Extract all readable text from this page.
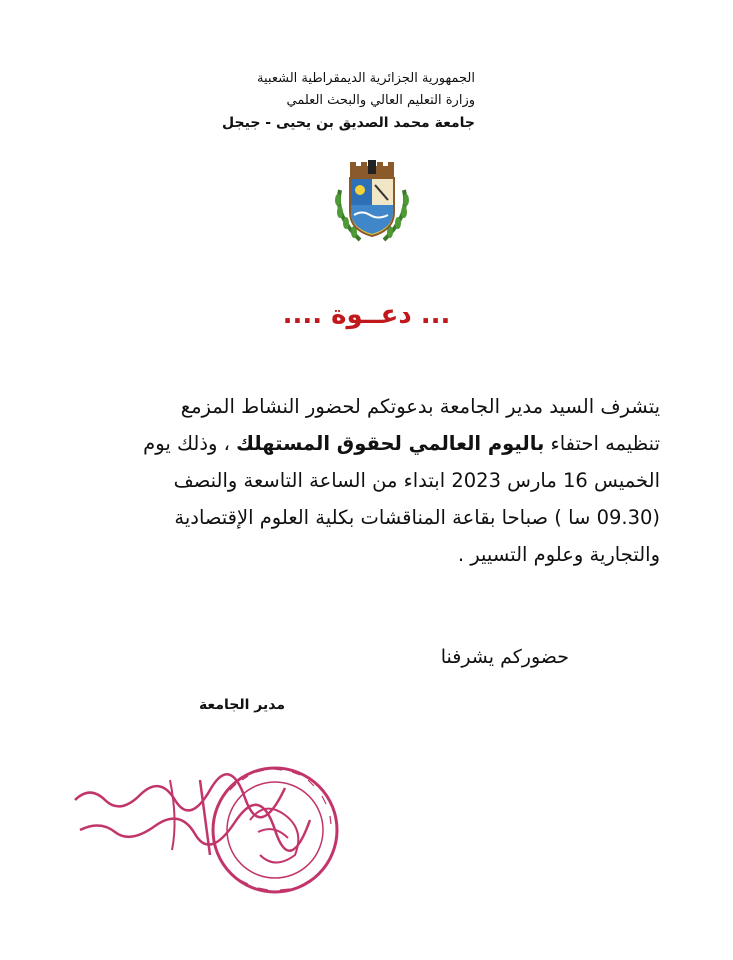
الجمهورية الجزائرية الديمقراطية الشعبية
وزارة التعليم العالي والبحث العلمي
جامعة محمد الصديق بن يحيى - جيجل
... دعــوة ....
يتشرف السيد مدير الجامعة بدعوتكم لحضور النشاط المزمع
تنظيمه احتفاء باليوم العالمي لحقوق المستهلك ، وذلك يوم
الخميس 16 مارس 2023 ابتداء من الساعة التاسعة والنصف
(09.30 سا ) صباحا بقاعة المناقشات بكلية العلوم الإقتصادية
والتجارية وعلوم التسيير .
حضوركم يشرفنا
مدير الجامعة
